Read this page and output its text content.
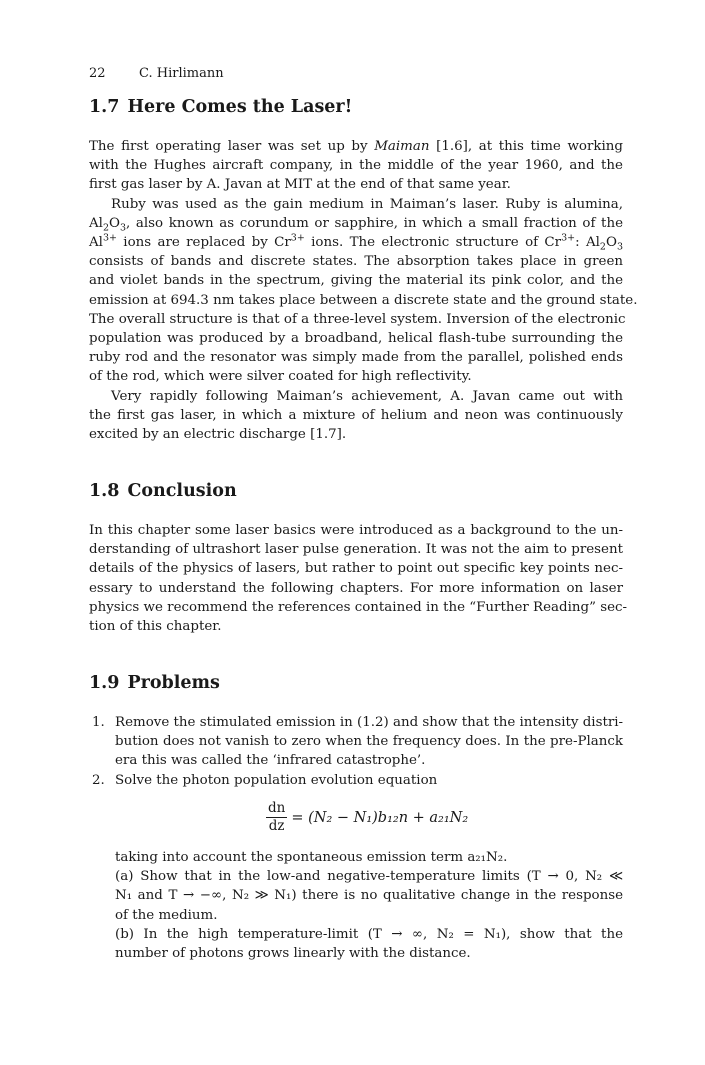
22	C. Hirlimann
1.7 Here Comes the Laser!
The first operating laser was set up by Maiman [1.6], at this time working
with the Hughes aircraft company, in the middle of the year 1960, and the
first gas laser by A. Javan at MIT at the end of that same year.
Ruby was used as the gain medium in Maiman’s laser. Ruby is alumina,
$Al_2O_3$, also known as corundum or sapphire, in which a small fraction of the
$Al^{3+}$ ions are replaced by $Cr^{3+}$ ions. The electronic structure of $Cr^{3+}$: $Al_2O_3$
consists of bands and discrete states. The absorption takes place in green
and violet bands in the spectrum, giving the material its pink color, and the
emission at 694.3 nm takes place between a discrete state and the ground state.
The overall structure is that of a three-level system. Inversion of the electronic
population was produced by a broadband, helical flash-tube surrounding the
ruby rod and the resonator was simply made from the parallel, polished ends
of the rod, which were silver coated for high reflectivity.
Very rapidly following Maiman’s achievement, A. Javan came out with
the first gas laser, in which a mixture of helium and neon was continuously
excited by an electric discharge [1.7].
1.8 Conclusion
In this chapter some laser basics were introduced as a background to the un-
derstanding of ultrashort laser pulse generation. It was not the aim to present
details of the physics of lasers, but rather to point out specific key points nec-
essary to understand the following chapters. For more information on laser
physics we recommend the references contained in the “Further Reading” sec-
tion of this chapter.
1.9 Problems
1. Remove the stimulated emission in (1.2) and show that the intensity distri-
bution does not vanish to zero when the frequency does. In the pre-Planck
era this was called the ‘infrared catastrophe’.
2. Solve the photon population evolution equation
$\frac{dn}{dz} = (N_2 - N_1)b_{12}n + a_{21}N_2$
taking into account the spontaneous emission term a₂₁N₂.
(a) Show that in the low-and negative-temperature limits (T → 0, N₂ ≪
N₁ and T → −∞, N₂ ≫ N₁) there is no qualitative change in the response
of the medium.
(b) In the high temperature-limit (T → ∞, N₂ = N₁), show that the
number of photons grows linearly with the distance.
